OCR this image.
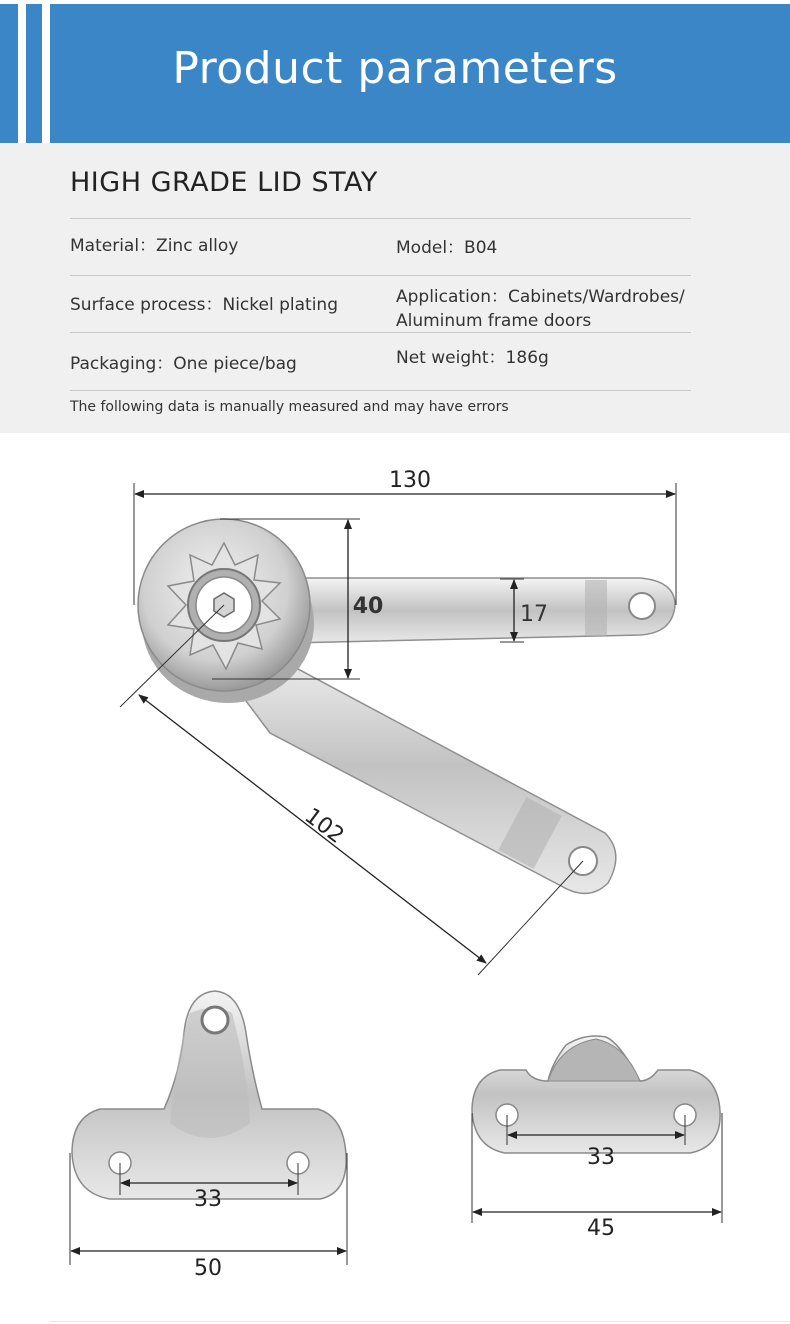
Product parameters
HIGH GRADE LID STAY
Material：Zinc alloy	Model：B04
Surface process：Nickel plating	Application：Cabinets/Wardrobes/
Aluminum frame doors
Packaging：One piece/bag	Net weight：186g
The following data is manually measured and may have errors
130
40	17
102
33
50
33
45
